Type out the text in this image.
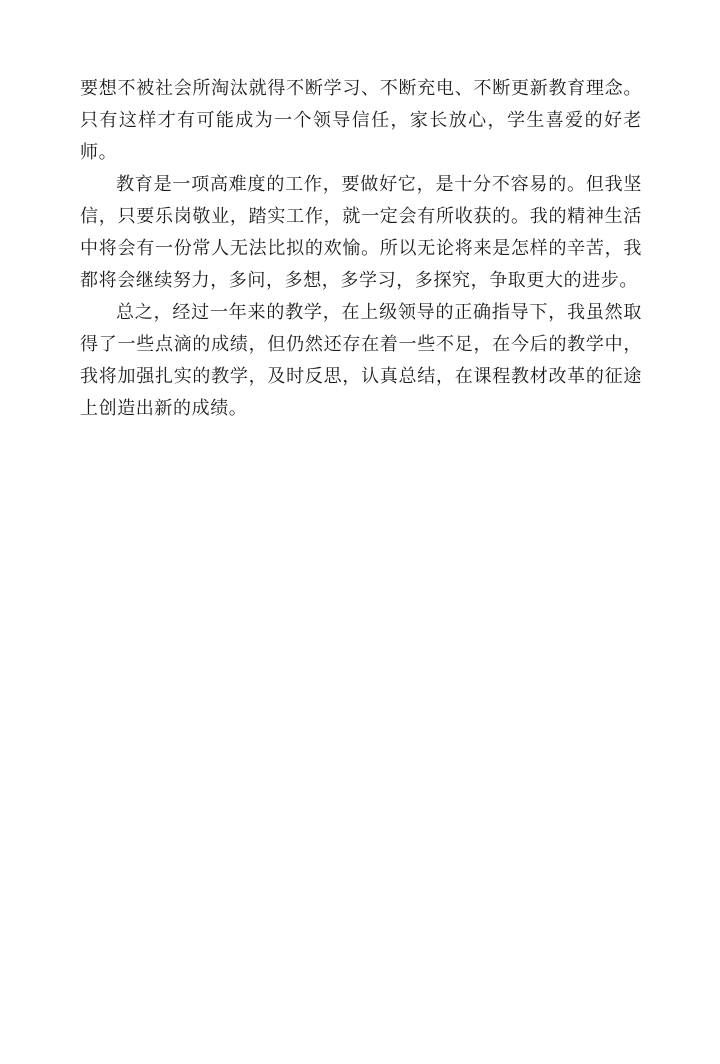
要想不被社会所淘汰就得不断学习、不断充电、不断更新教育理念。只有这样才有可能成为一个领导信任，家长放心，学生喜爱的好老师。

教育是一项高难度的工作，要做好它，是十分不容易的。但我坚信，只要乐岗敬业，踏实工作，就一定会有所收获的。我的精神生活中将会有一份常人无法比拟的欢愉。所以无论将来是怎样的辛苦，我都将会继续努力，多问，多想，多学习，多探究，争取更大的进步。

总之，经过一年来的教学，在上级领导的正确指导下，我虽然取得了一些点滴的成绩，但仍然还存在着一些不足，在今后的教学中，我将加强扎实的教学，及时反思，认真总结，在课程教材改革的征途上创造出新的成绩。
